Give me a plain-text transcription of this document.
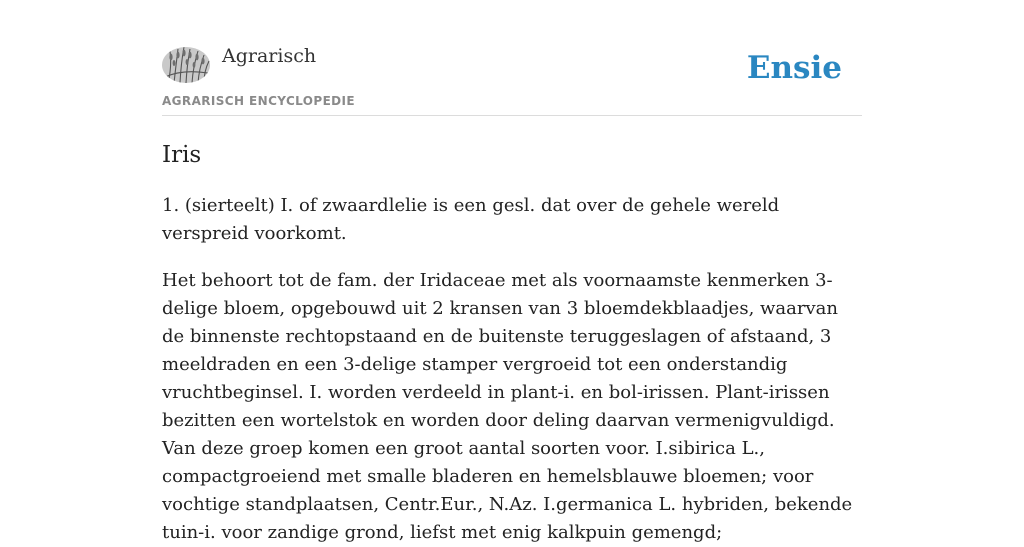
Agrarisch
AGRARISCH ENCYCLOPEDIE
Ensie
Iris

1. (sierteelt) I. of zwaardlelie is een gesl. dat over de gehele wereld verspreid voorkomt.

Het behoort tot de fam. der Iridaceae met als voornaamste kenmerken 3-delige bloem, opgebouwd uit 2 kransen van 3 bloemdekblaadjes, waarvan de binnenste rechtopstaand en de buitenste teruggeslagen of afstaand, 3 meeldraden en een 3-delige stamper vergroeid tot een onderstandig vruchtbeginsel. I. worden verdeeld in plant-i. en bol-irissen. Plant-irissen bezitten een wortelstok en worden door deling daarvan vermenigvuldigd. Van deze groep komen een groot aantal soorten voor. I.sibirica L., compactgroeiend met smalle bladeren en hemelsblauwe bloemen; voor vochtige standplaatsen, Centr.Eur., N.Az. I.germanica L. hybriden, bekende tuin-i. voor zandige grond, liefst met enig kalkpuin gemengd;
